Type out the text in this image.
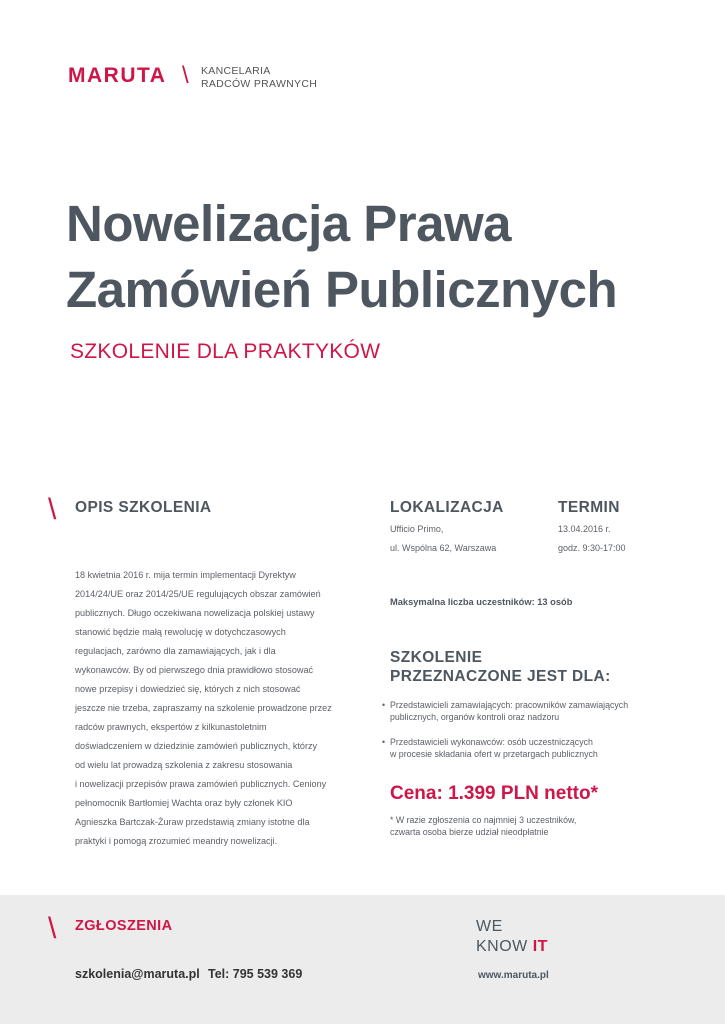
MARUTA \ KANCELARIA
RADCÓW PRAWNYCH
Nowelizacja Prawa
Zamówień Publicznych
SZKOLENIE DLA PRAKTYKÓW
\ OPIS SZKOLENIA
18 kwietnia 2016 r. mija termin implementacji Dyrektyw
2014/24/UE oraz 2014/25/UE regulujących obszar zamówień
publicznych. Długo oczekiwana nowelizacja polskiej ustawy
stanowić będzie małą rewolucję w dotychczasowych
regulacjach, zarówno dla zamawiających, jak i dla
wykonawców. By od pierwszego dnia prawidłowo stosować
nowe przepisy i dowiedzieć się, których z nich stosować
jeszcze nie trzeba, zapraszamy na szkolenie prowadzone przez
radców prawnych, ekspertów z kilkunastoletnim
doświadczeniem w dziedzinie zamówień publicznych, którzy
od wielu lat prowadzą szkolenia z zakresu stosowania
i nowelizacji przepisów prawa zamówień publicznych. Ceniony
pełnomocnik Bartłomiej Wachta oraz były członek KIO
Agnieszka Bartczak-Żuraw przedstawią zmiany istotne dla
praktyki i pomogą zrozumieć meandry nowelizacji.
LOKALIZACJA
Ufficio Primo,
ul. Wspólna 62, Warszawa
TERMIN
13.04.2016 r.
godz. 9:30-17:00
Maksymalna liczba uczestników: 13 osób
SZKOLENIE
PRZEZNACZONE JEST DLA:
• Przedstawicieli zamawiających: pracowników zamawiających
publicznych, organów kontroli oraz nadzoru
• Przedstawicieli wykonawców: osób uczestniczących
w procesie składania ofert w przetargach publicznych
Cena: 1.399 PLN netto*
* W razie zgłoszenia co najmniej 3 uczestników,
czwarta osoba bierze udział nieodpłatnie
\ ZGŁOSZENIA
szkolenia@maruta.pl Tel: 795 539 369
WE
KNOW IT
www.maruta.pl
